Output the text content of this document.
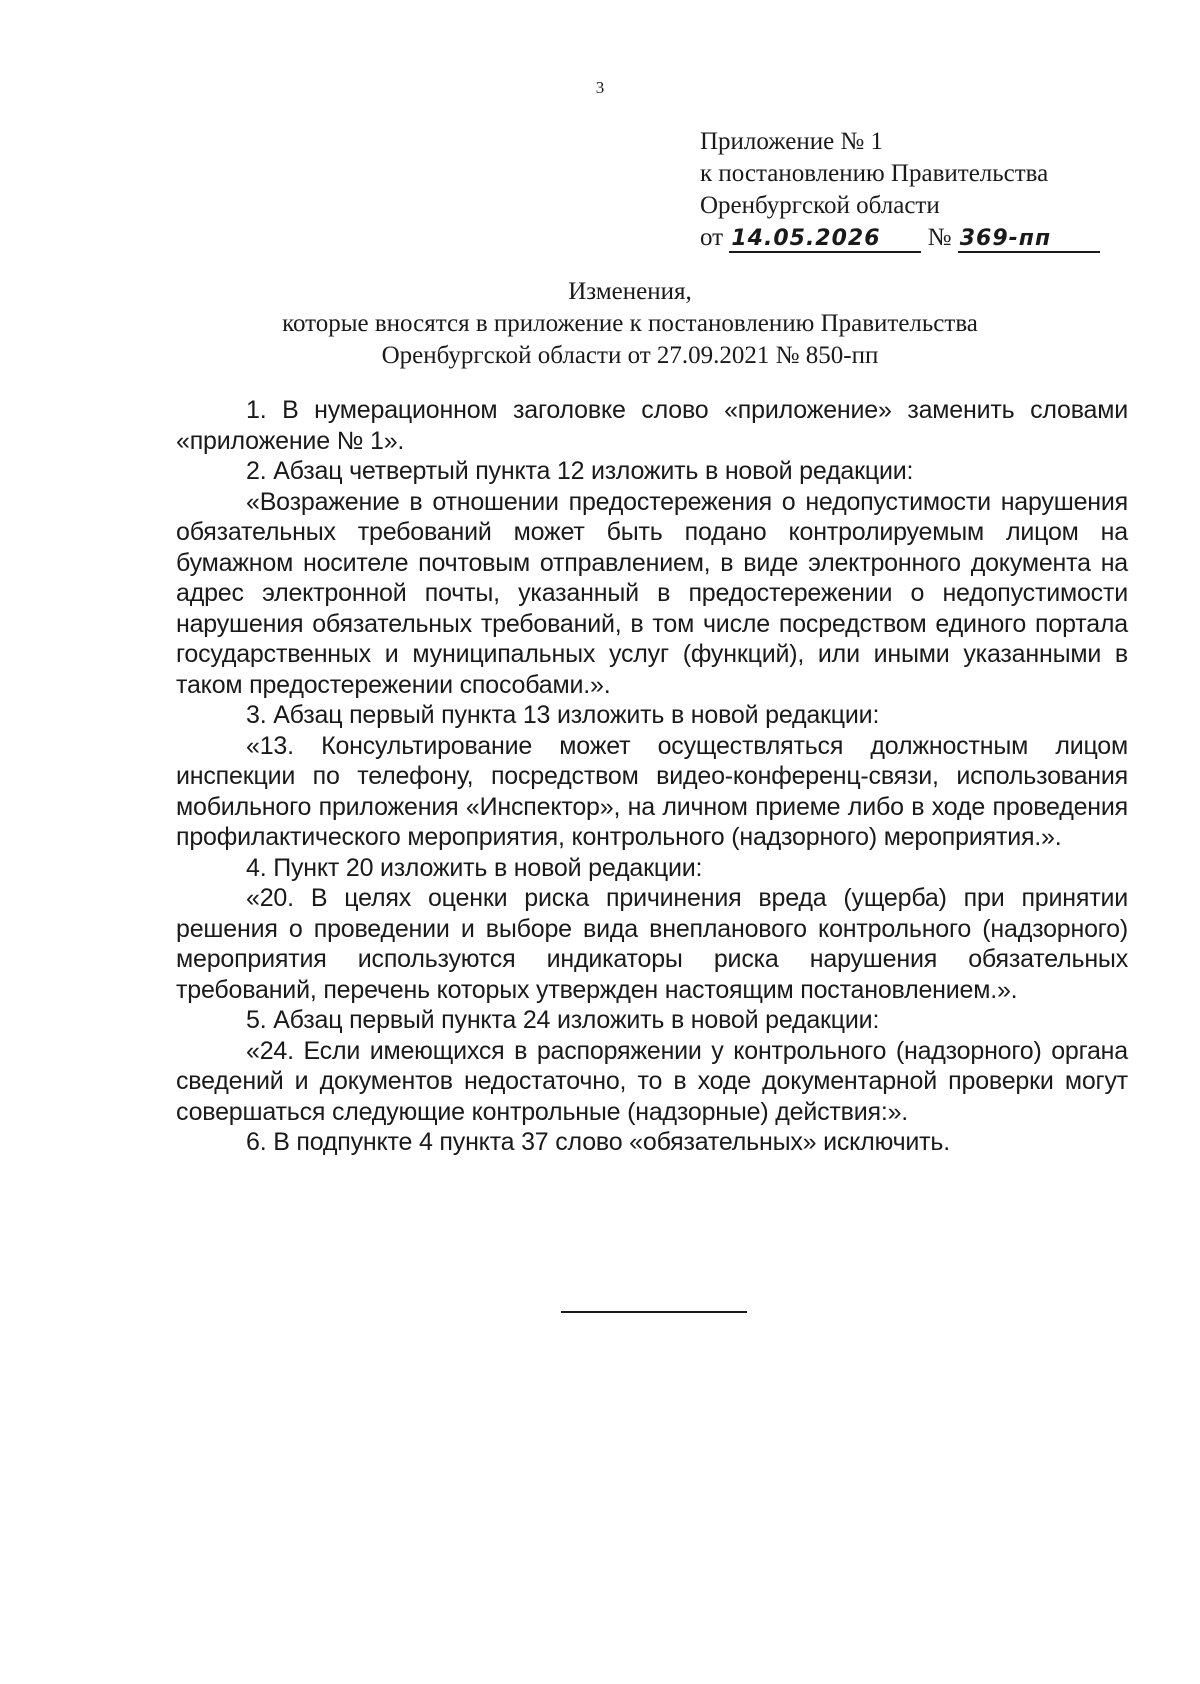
3
Приложение № 1
к постановлению Правительства
Оренбургской области
от 14.05.2026 № 369-пп
Изменения,
которые вносятся в приложение к постановлению Правительства
Оренбургской области от 27.09.2021 № 850-пп

1. В нумерационном заголовке слово «приложение» заменить словами «приложение № 1».

2. Абзац четвертый пункта 12 изложить в новой редакции:

«Возражение в отношении предостережения о недопустимости нарушения обязательных требований может быть подано контролируемым лицом на бумажном носителе почтовым отправлением, в виде электронного документа на адрес электронной почты, указанный в предостережении о недопустимости нарушения обязательных требований, в том числе посредством единого портала государственных и муниципальных услуг (функций), или иными указанными в таком предостережении способами.».

3. Абзац первый пункта 13 изложить в новой редакции:

«13. Консультирование может осуществляться должностным лицом инспекции по телефону, посредством видео-конференц-связи, использования мобильного приложения «Инспектор», на личном приеме либо в ходе проведения профилактического мероприятия, контрольного (надзорного) мероприятия.».

4. Пункт 20 изложить в новой редакции:

«20. В целях оценки риска причинения вреда (ущерба) при принятии решения о проведении и выборе вида внепланового контрольного (надзорного) мероприятия используются индикаторы риска нарушения обязательных требований, перечень которых утвержден настоящим постановлением.».

5. Абзац первый пункта 24 изложить в новой редакции:

«24. Если имеющихся в распоряжении у контрольного (надзорного) органа сведений и документов недостаточно, то в ходе документарной проверки могут совершаться следующие контрольные (надзорные) действия:».

6. В подпункте 4 пункта 37 слово «обязательных» исключить.
